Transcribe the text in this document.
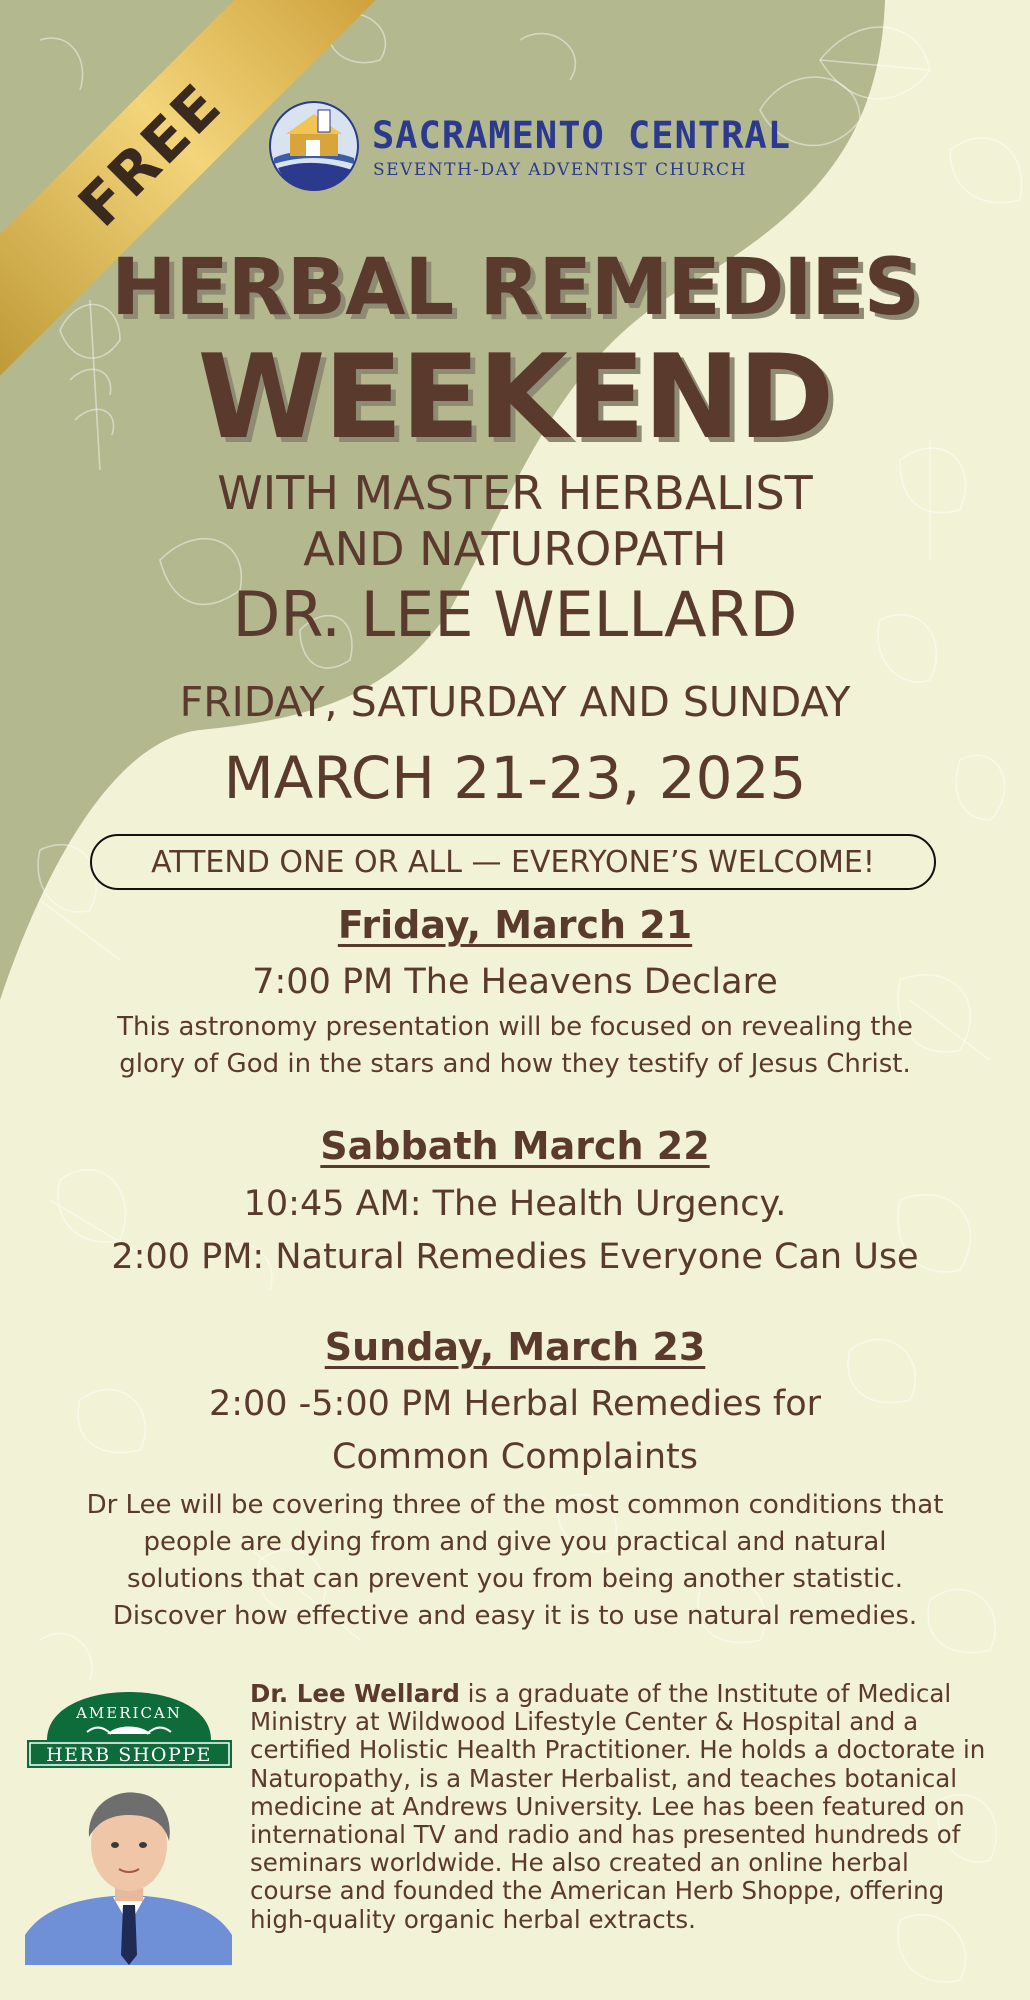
FREE	SACRAMENTO CENTRAL
SEVENTH-DAY ADVENTIST CHURCH
HERBAL REMEDIES
WEEKEND
WITH MASTER HERBALIST
AND NATUROPATH
DR. LEE WELLARD
FRIDAY, SATURDAY AND SUNDAY
MARCH 21-23, 2025
ATTEND ONE OR ALL — EVERYONE’S WELCOME!
Friday, March 21
7:00 PM The Heavens Declare
This astronomy presentation will be focused on revealing the
glory of God in the stars and how they testify of Jesus Christ.
Sabbath March 22
10:45 AM: The Health Urgency.
2:00 PM: Natural Remedies Everyone Can Use
Sunday, March 23
2:00 -5:00 PM Herbal Remedies for
Common Complaints
Dr Lee will be covering three of the most common conditions that
people are dying from and give you practical and natural
solutions that can prevent you from being another statistic.
Discover how effective and easy it is to use natural remedies.
AMERICAN
HERB SHOPPE
Dr. Lee Wellard is a graduate of the Institute of Medical Ministry at Wildwood Lifestyle Center & Hospital and a certified Holistic Health Practitioner. He holds a doctorate in Naturopathy, is a Master Herbalist, and teaches botanical medicine at Andrews University. Lee has been featured on international TV and radio and has presented hundreds of seminars worldwide. He also created an online herbal course and founded the American Herb Shoppe, offering high-quality organic herbal extracts.
